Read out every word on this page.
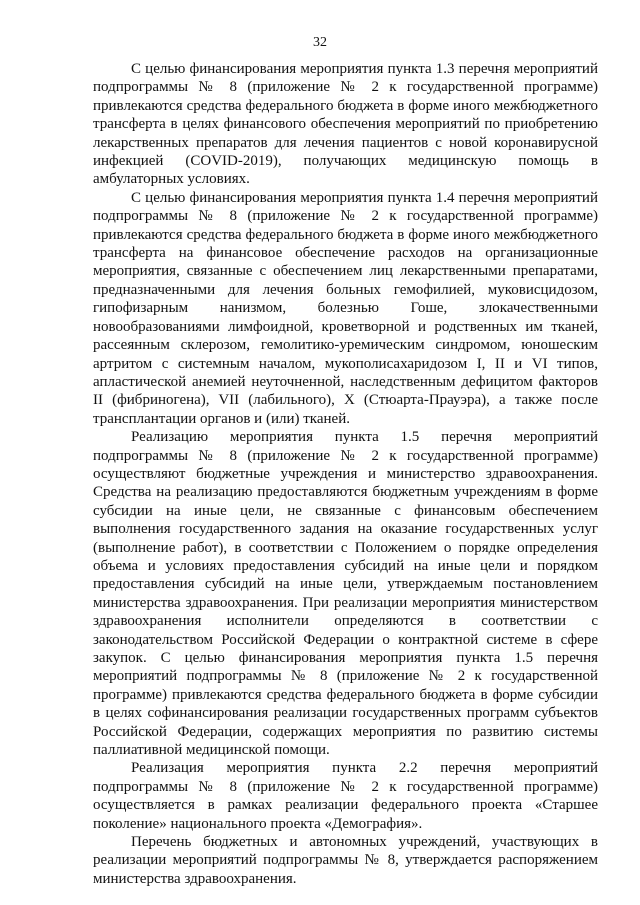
32

С целью финансирования мероприятия пункта 1.3 перечня мероприятий подпрограммы № 8 (приложение № 2 к государственной программе) привлекаются средства федерального бюджета в форме иного межбюджетного трансферта в целях финансового обеспечения мероприятий по приобретению лекарственных препаратов для лечения пациентов с новой коронавирусной инфекцией (COVID-2019), получающих медицинскую помощь в амбулаторных условиях.

С целью финансирования мероприятия пункта 1.4 перечня мероприятий подпрограммы № 8 (приложение № 2 к государственной программе) привлекаются средства федерального бюджета в форме иного межбюджетного трансферта на финансовое обеспечение расходов на организационные мероприятия, связанные с обеспечением лиц лекарственными препаратами, предназначенными для лечения больных гемофилией, муковисцидозом, гипофизарным нанизмом, болезнью Гоше, злокачественными новообразованиями лимфоидной, кроветворной и родственных им тканей, рассеянным склерозом, гемолитико-уремическим синдромом, юношеским артритом с системным началом, мукополисахаридозом I, II и VI типов, апластической анемией неуточненной, наследственным дефицитом факторов II (фибриногена), VII (лабильного), X (Стюарта-Прауэра), а также после трансплантации органов и (или) тканей.

Реализацию мероприятия пункта 1.5 перечня мероприятий подпрограммы № 8 (приложение № 2 к государственной программе) осуществляют бюджетные учреждения и министерство здравоохранения. Средства на реализацию предоставляются бюджетным учреждениям в форме субсидии на иные цели, не связанные с финансовым обеспечением выполнения государственного задания на оказание государственных услуг (выполнение работ), в соответствии с Положением о порядке определения объема и условиях предоставления субсидий на иные цели и порядком предоставления субсидий на иные цели, утверждаемым постановлением министерства здравоохранения. При реализации мероприятия министерством здравоохранения исполнители определяются в соответствии с законодательством Российской Федерации о контрактной системе в сфере закупок. С целью финансирования мероприятия пункта 1.5 перечня мероприятий подпрограммы № 8 (приложение № 2 к государственной программе) привлекаются средства федерального бюджета в форме субсидии в целях софинансирования реализации государственных программ субъектов Российской Федерации, содержащих мероприятия по развитию системы паллиативной медицинской помощи.

Реализация мероприятия пункта 2.2 перечня мероприятий подпрограммы № 8 (приложение № 2 к государственной программе) осуществляется в рамках реализации федерального проекта «Старшее поколение» национального проекта «Демография».

Перечень бюджетных и автономных учреждений, участвующих в реализации мероприятий подпрограммы № 8, утверждается распоряжением министерства здравоохранения.
